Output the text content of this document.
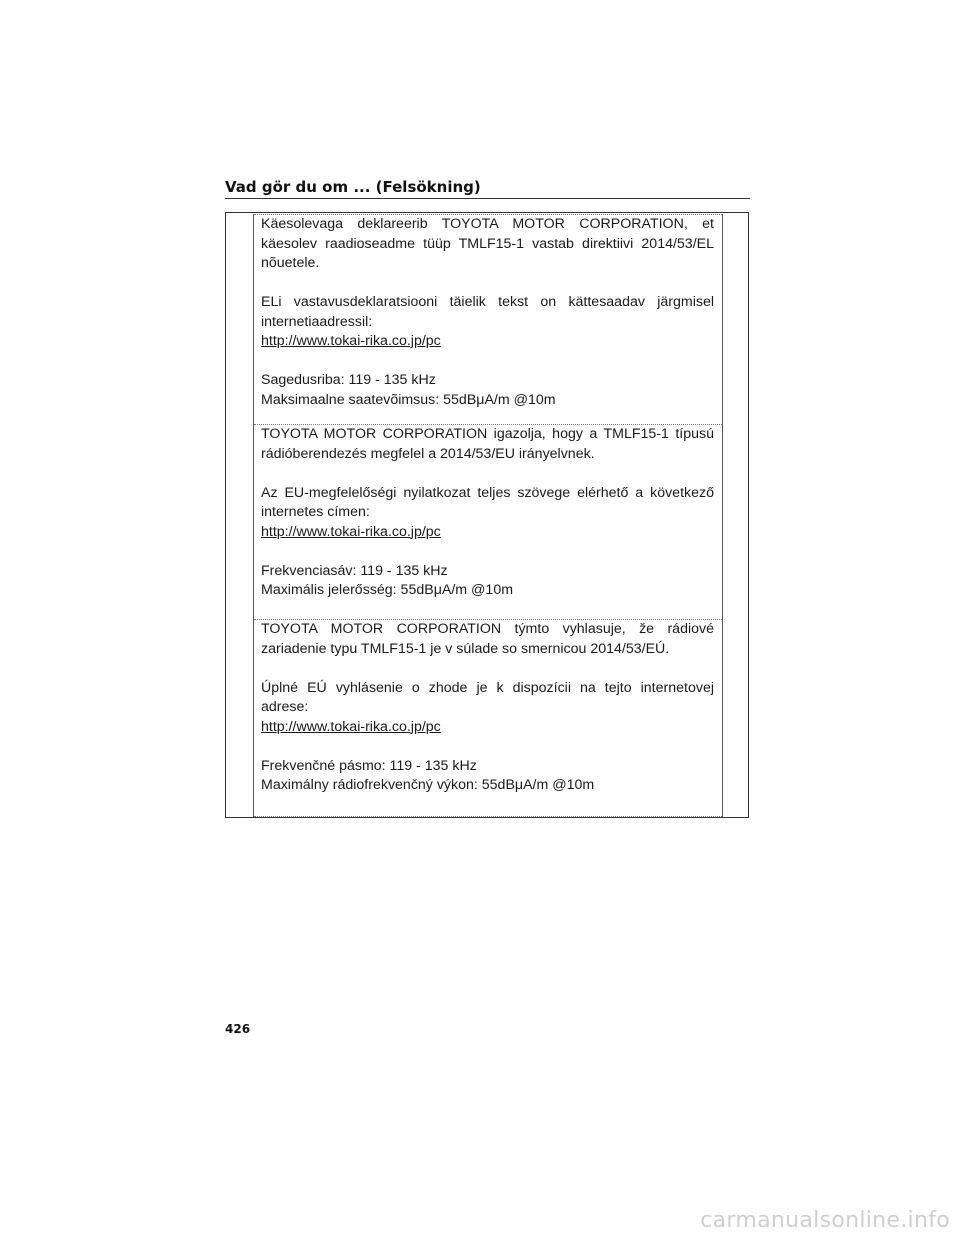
Vad gör du om ... (Felsökning)

Käesolevaga deklareerib TOYOTA MOTOR CORPORATION, et käesolev raadioseadme tüüp TMLF15-1 vastab direktiivi 2014/53/EL nõuetele.

ELi vastavusdeklaratsiooni täielik tekst on kättesaadav järgmisel internetiaadressil:

http://www.tokai-rika.co.jp/pc

Sagedusriba: 119 - 135 kHz

Maksimaalne saatevõimsus: 55dBμA/m @10m

TOYOTA MOTOR CORPORATION igazolja, hogy a TMLF15-1 típusú rádióberendezés megfelel a 2014/53/EU irányelvnek.

Az EU-megfelelőségi nyilatkozat teljes szövege elérhető a következő internetes címen:

http://www.tokai-rika.co.jp/pc

Frekvenciasáv: 119 - 135 kHz

Maximális jelerősség: 55dBμA/m @10m

TOYOTA MOTOR CORPORATION týmto vyhlasuje, že rádiové zariadenie typu TMLF15-1 je v súlade so smernicou 2014/53/EÚ.

Úplné EÚ vyhlásenie o zhode je k dispozícii na tejto internetovej adrese:

http://www.tokai-rika.co.jp/pc

Frekvenčné pásmo: 119 - 135 kHz

Maximálny rádiofrekvenčný výkon: 55dBμA/m @10m

426
carmanualsonline.info
